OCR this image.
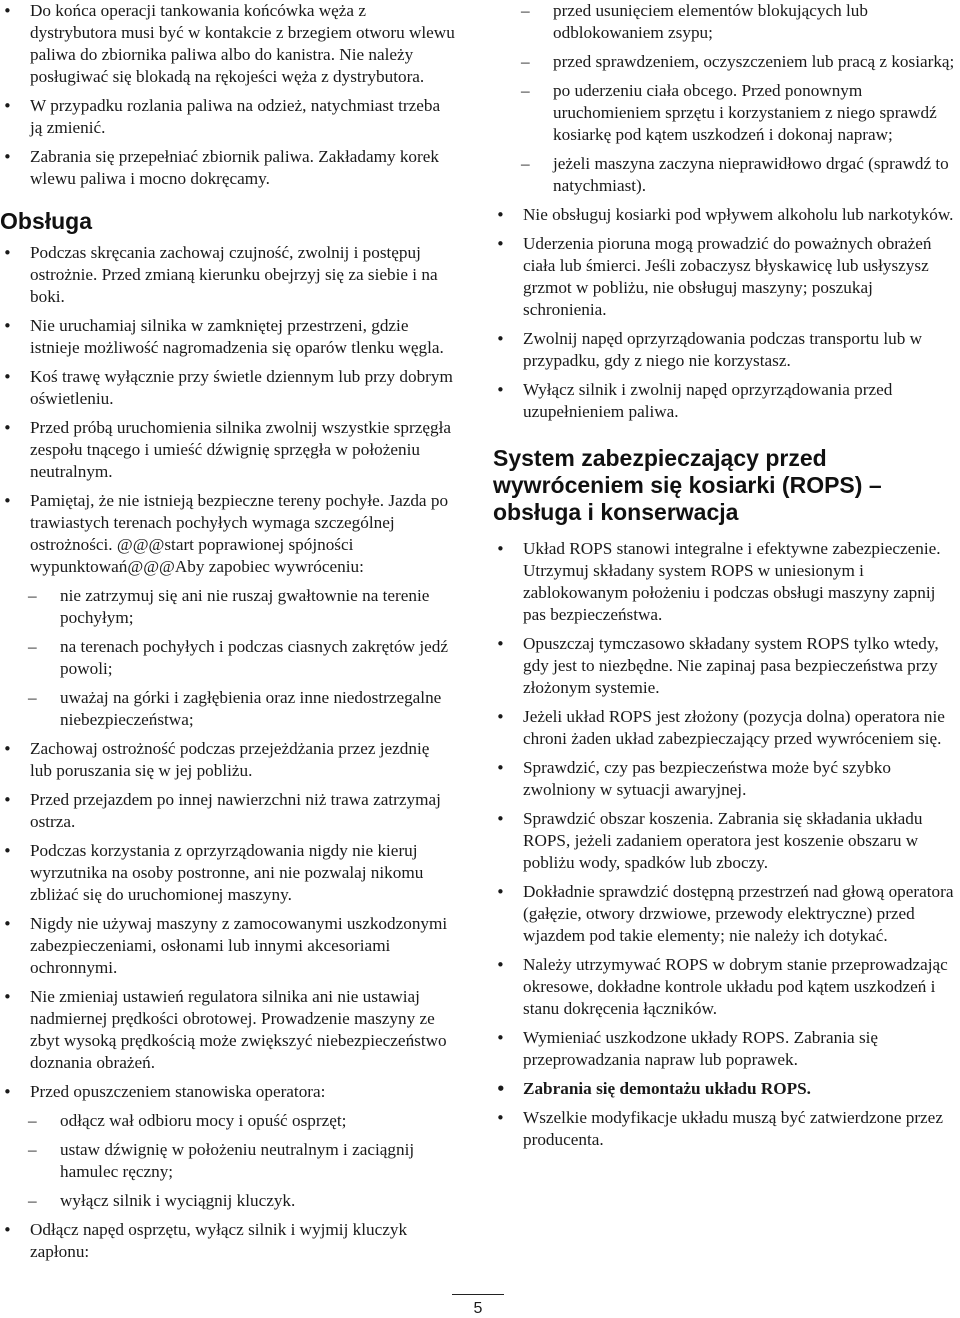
• Do końca operacji tankowania końcówka węża z dystrybutora musi być w kontakcie z brzegiem otworu wlewu paliwa do zbiornika paliwa albo do kanistra. Nie należy posługiwać się blokadą na rękojeści węża z dystrybutora.
• W przypadku rozlania paliwa na odzież, natychmiast trzeba ją zmienić.
• Zabrania się przepełniać zbiornik paliwa. Zakładamy korek wlewu paliwa i mocno dokręcamy.
Obsługa
• Podczas skręcania zachowaj czujność, zwolnij i postępuj ostrożnie. Przed zmianą kierunku obejrzyj się za siebie i na boki.
• Nie uruchamiaj silnika w zamkniętej przestrzeni, gdzie istnieje możliwość nagromadzenia się oparów tlenku węgla.
• Koś trawę wyłącznie przy świetle dziennym lub przy dobrym oświetleniu.
• Przed próbą uruchomienia silnika zwolnij wszystkie sprzęgła zespołu tnącego i umieść dźwignię sprzęgła w położeniu neutralnym.
• Pamiętaj, że nie istnieją bezpieczne tereny pochyłe. Jazda po trawiastych terenach pochyłych wymaga szczególnej ostrożności. @@@start poprawionej spójności wypunktowań@@@Aby zapobiec wywróceniu:
– nie zatrzymuj się ani nie ruszaj gwałtownie na terenie pochyłym;
– na terenach pochyłych i podczas ciasnych zakrętów jedź powoli;
– uważaj na górki i zagłębienia oraz inne niedostrzegalne niebezpieczeństwa;
• Zachowaj ostrożność podczas przejeżdżania przez jezdnię lub poruszania się w jej pobliżu.
• Przed przejazdem po innej nawierzchni niż trawa zatrzymaj ostrza.
• Podczas korzystania z oprzyrządowania nigdy nie kieruj wyrzutnika na osoby postronne, ani nie pozwalaj nikomu zbliżać się do uruchomionej maszyny.
• Nigdy nie używaj maszyny z zamocowanymi uszkodzonymi zabezpieczeniami, osłonami lub innymi akcesoriami ochronnymi.
• Nie zmieniaj ustawień regulatora silnika ani nie ustawiaj nadmiernej prędkości obrotowej. Prowadzenie maszyny ze zbyt wysoką prędkością może zwiększyć niebezpieczeństwo doznania obrażeń.
• Przed opuszczeniem stanowiska operatora:
– odłącz wał odbioru mocy i opuść osprzęt;
– ustaw dźwignię w położeniu neutralnym i zaciągnij hamulec ręczny;
– wyłącz silnik i wyciągnij kluczyk.
• Odłącz napęd osprzętu, wyłącz silnik i wyjmij kluczyk zapłonu:
– przed usunięciem elementów blokujących lub odblokowaniem zsypu;
– przed sprawdzeniem, oczyszczeniem lub pracą z kosiarką;
– po uderzeniu ciała obcego. Przed ponownym uruchomieniem sprzętu i korzystaniem z niego sprawdź kosiarkę pod kątem uszkodzeń i dokonaj napraw;
– jeżeli maszyna zaczyna nieprawidłowo drgać (sprawdź to natychmiast).
• Nie obsługuj kosiarki pod wpływem alkoholu lub narkotyków.
• Uderzenia pioruna mogą prowadzić do poważnych obrażeń ciała lub śmierci. Jeśli zobaczysz błyskawicę lub usłyszysz grzmot w pobliżu, nie obsługuj maszyny; poszukaj schronienia.
• Zwolnij napęd oprzyrządowania podczas transportu lub w przypadku, gdy z niego nie korzystasz.
• Wyłącz silnik i zwolnij napęd oprzyrządowania przed uzupełnieniem paliwa.
System zabezpieczający przed wywróceniem się kosiarki (ROPS) – obsługa i konserwacja
• Układ ROPS stanowi integralne i efektywne zabezpieczenie. Utrzymuj składany system ROPS w uniesionym i zablokowanym położeniu i podczas obsługi maszyny zapnij pas bezpieczeństwa.
• Opuszczaj tymczasowo składany system ROPS tylko wtedy, gdy jest to niezbędne. Nie zapinaj pasa bezpieczeństwa przy złożonym systemie.
• Jeżeli układ ROPS jest złożony (pozycja dolna) operatora nie chroni żaden układ zabezpieczający przed wywróceniem się.
• Sprawdzić, czy pas bezpieczeństwa może być szybko zwolniony w sytuacji awaryjnej.
• Sprawdzić obszar koszenia. Zabrania się składania układu ROPS, jeżeli zadaniem operatora jest koszenie obszaru w pobliżu wody, spadków lub zboczy.
• Dokładnie sprawdzić dostępną przestrzeń nad głową operatora (gałęzie, otwory drzwiowe, przewody elektryczne) przed wjazdem pod takie elementy; nie należy ich dotykać.
• Należy utrzymywać ROPS w dobrym stanie przeprowadzając okresowe, dokładne kontrole układu pod kątem uszkodzeń i stanu dokręcenia łączników.
• Wymieniać uszkodzone układy ROPS. Zabrania się przeprowadzania napraw lub poprawek.
• Zabrania się demontażu układu ROPS.
• Wszelkie modyfikacje układu muszą być zatwierdzone przez producenta.
5
